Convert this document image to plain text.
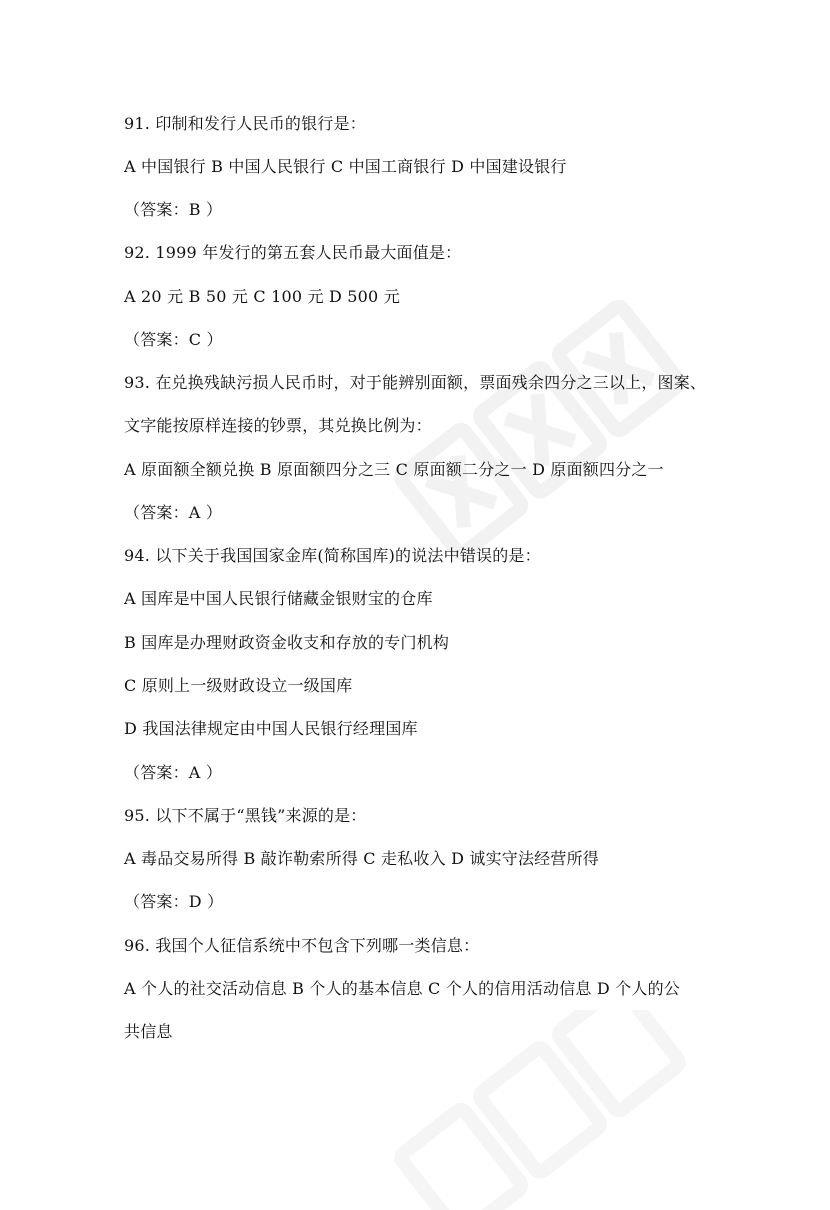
91. 印制和发行人民币的银行是：
A 中国银行 B 中国人民银行 C 中国工商银行 D 中国建设银行
（答案：B ）
92. 1999 年发行的第五套人民币最大面值是：
A 20 元 B 50 元 C 100 元 D 500 元
（答案：C ）
93. 在兑换残缺污损人民币时，对于能辨别面额，票面残余四分之三以上，图案、
文字能按原样连接的钞票，其兑换比例为：
A 原面额全额兑换 B 原面额四分之三 C 原面额二分之一 D 原面额四分之一
（答案：A ）
94. 以下关于我国国家金库(简称国库)的说法中错误的是：
A 国库是中国人民银行储藏金银财宝的仓库
B 国库是办理财政资金收支和存放的专门机构
C 原则上一级财政设立一级国库
D 我国法律规定由中国人民银行经理国库
（答案：A ）
95. 以下不属于“黑钱”来源的是：
A 毒品交易所得 B 敲诈勒索所得 C 走私收入 D 诚实守法经营所得
（答案：D ）
96. 我国个人征信系统中不包含下列哪一类信息：
A 个人的社交活动信息 B 个人的基本信息 C 个人的信用活动信息 D 个人的公
共信息
